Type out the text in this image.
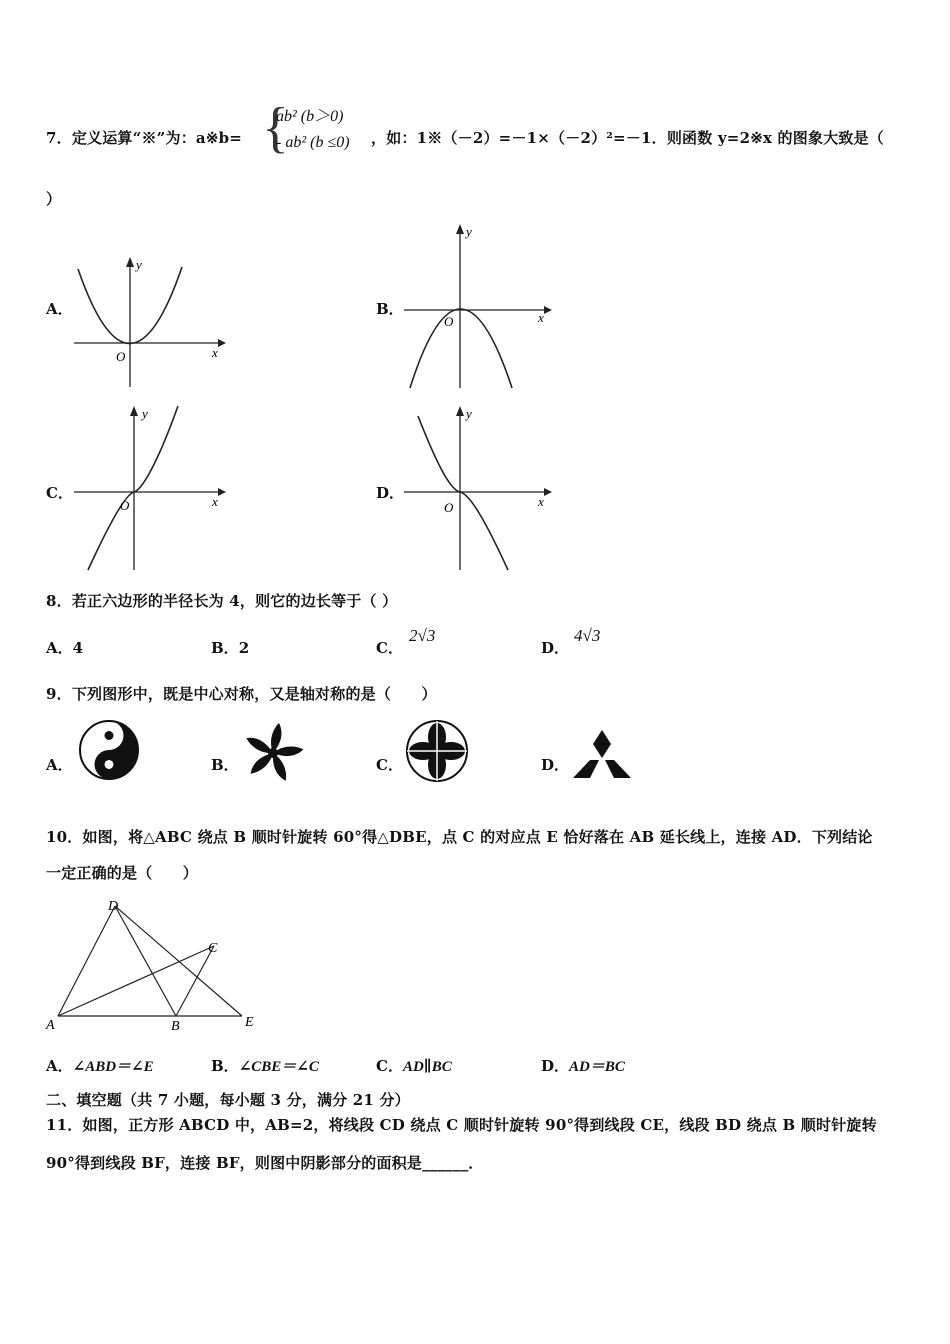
7．定义运算“※”为：a※b= {
ab² (b＞0)
- ab² (b ≤0) ，如：1※（－2）=－1×（－2）²=－1．则函数 y=2※x 的图象大致是（
）
A．
x
y
O
B．	x
y
O
C．	x
y
O
D．	x
y
O
8．若正六边形的半径长为 4，则它的边长等于（ ）
A．4	B．2	C．
2√3
D．
4√3
9．下列图形中，既是中心对称，又是轴对称的是（　　）
A．	B．	C．	D．
10．如图，将△ABC 绕点 B 顺时针旋转 60°得△DBE，点 C 的对应点 E 恰好落在 AB 延长线上，连接 AD．下列结论
一定正确的是（　　）
D
C
A	B	E
A．∠ABD＝∠E	B．∠CBE＝∠C	C．AD∥BC	D．AD＝BC
二、填空题（共 7 小题，每小题 3 分，满分 21 分）
11．如图，正方形 ABCD 中，AB=2，将线段 CD 绕点 C 顺时针旋转 90°得到线段 CE，线段 BD 绕点 B 顺时针旋转
90°得到线段 BF，连接 BF，则图中阴影部分的面积是______．
